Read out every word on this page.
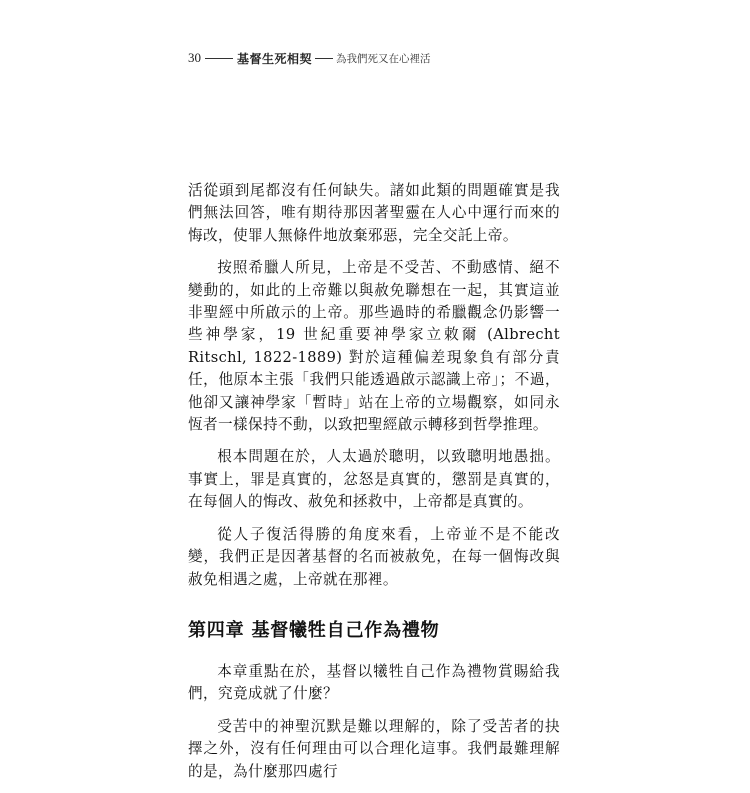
30	基督生死相契 為我們死又在心裡活

活從頭到尾都沒有任何缺失。諸如此類的問題確實是我們無法回答，唯有期待那因著聖靈在人心中運行而來的悔改，使罪人無條件地放棄邪惡，完全交託上帝。

按照希臘人所見，上帝是不受苦、不動感情、絕不變動的，如此的上帝難以與赦免聯想在一起，其實這並非聖經中所啟示的上帝。那些過時的希臘觀念仍影響一些神學家，19 世紀重要神學家立敕爾 (Albrecht Ritschl, 1822-1889) 對於這種偏差現象負有部分責任，他原本主張「我們只能透過啟示認識上帝」；不過，他卻又讓神學家「暫時」站在上帝的立場觀察，如同永恆者一樣保持不動，以致把聖經啟示轉移到哲學推理。

根本問題在於，人太過於聰明，以致聰明地愚拙。事實上，罪是真實的，忿怒是真實的，懲罰是真實的，在每個人的悔改、赦免和拯救中，上帝都是真實的。

從人子復活得勝的角度來看，上帝並不是不能改變，我們正是因著基督的名而被赦免，在每一個悔改與赦免相遇之處，上帝就在那裡。

第四章 基督犧牲自己作為禮物

本章重點在於，基督以犧牲自己作為禮物賞賜給我們，究竟成就了什麼？

受苦中的神聖沉默是難以理解的，除了受苦者的抉擇之外，沒有任何理由可以合理化這事。我們最難理解的是，為什麼那四處行
